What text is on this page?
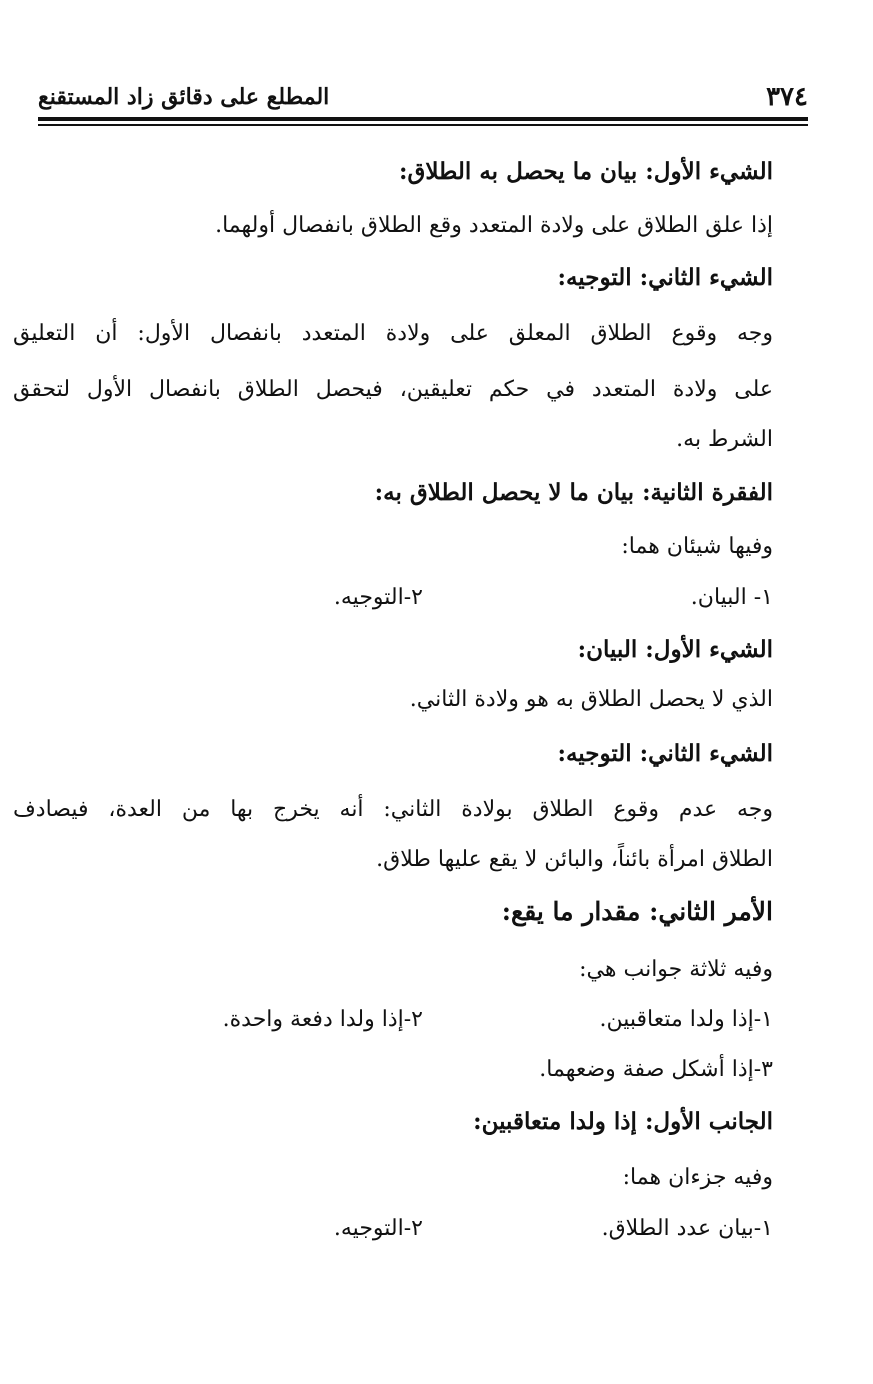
٣٧٤
المطلع على دقائق زاد المستقنع

الشيء الأول: بيان ما يحصل به الطلاق:

إذا علق الطلاق على ولادة المتعدد وقع الطلاق بانفصال أولهما.

الشيء الثاني: التوجيه:

وجه وقوع الطلاق المعلق على ولادة المتعدد بانفصال الأول: أن التعليق

على ولادة المتعدد في حكم تعليقين، فيحصل الطلاق بانفصال الأول لتحقق

الشرط به.

الفقرة الثانية: بيان ما لا يحصل الطلاق به:

وفيها شيئان هما:

١- البيان.
٢-التوجيه.

الشيء الأول: البيان:

الذي لا يحصل الطلاق به هو ولادة الثاني.

الشيء الثاني: التوجيه:

وجه عدم وقوع الطلاق بولادة الثاني: أنه يخرج بها من العدة، فيصادف

الطلاق امرأة بائناً، والبائن لا يقع عليها طلاق.

الأمر الثاني: مقدار ما يقع:

وفيه ثلاثة جوانب هي:

١-إذا ولدا متعاقبين.
٢-إذا ولدا دفعة واحدة.

٣-إذا أشكل صفة وضعهما.

الجانب الأول: إذا ولدا متعاقبين:

وفيه جزءان هما:

١-بيان عدد الطلاق.
٢-التوجيه.
